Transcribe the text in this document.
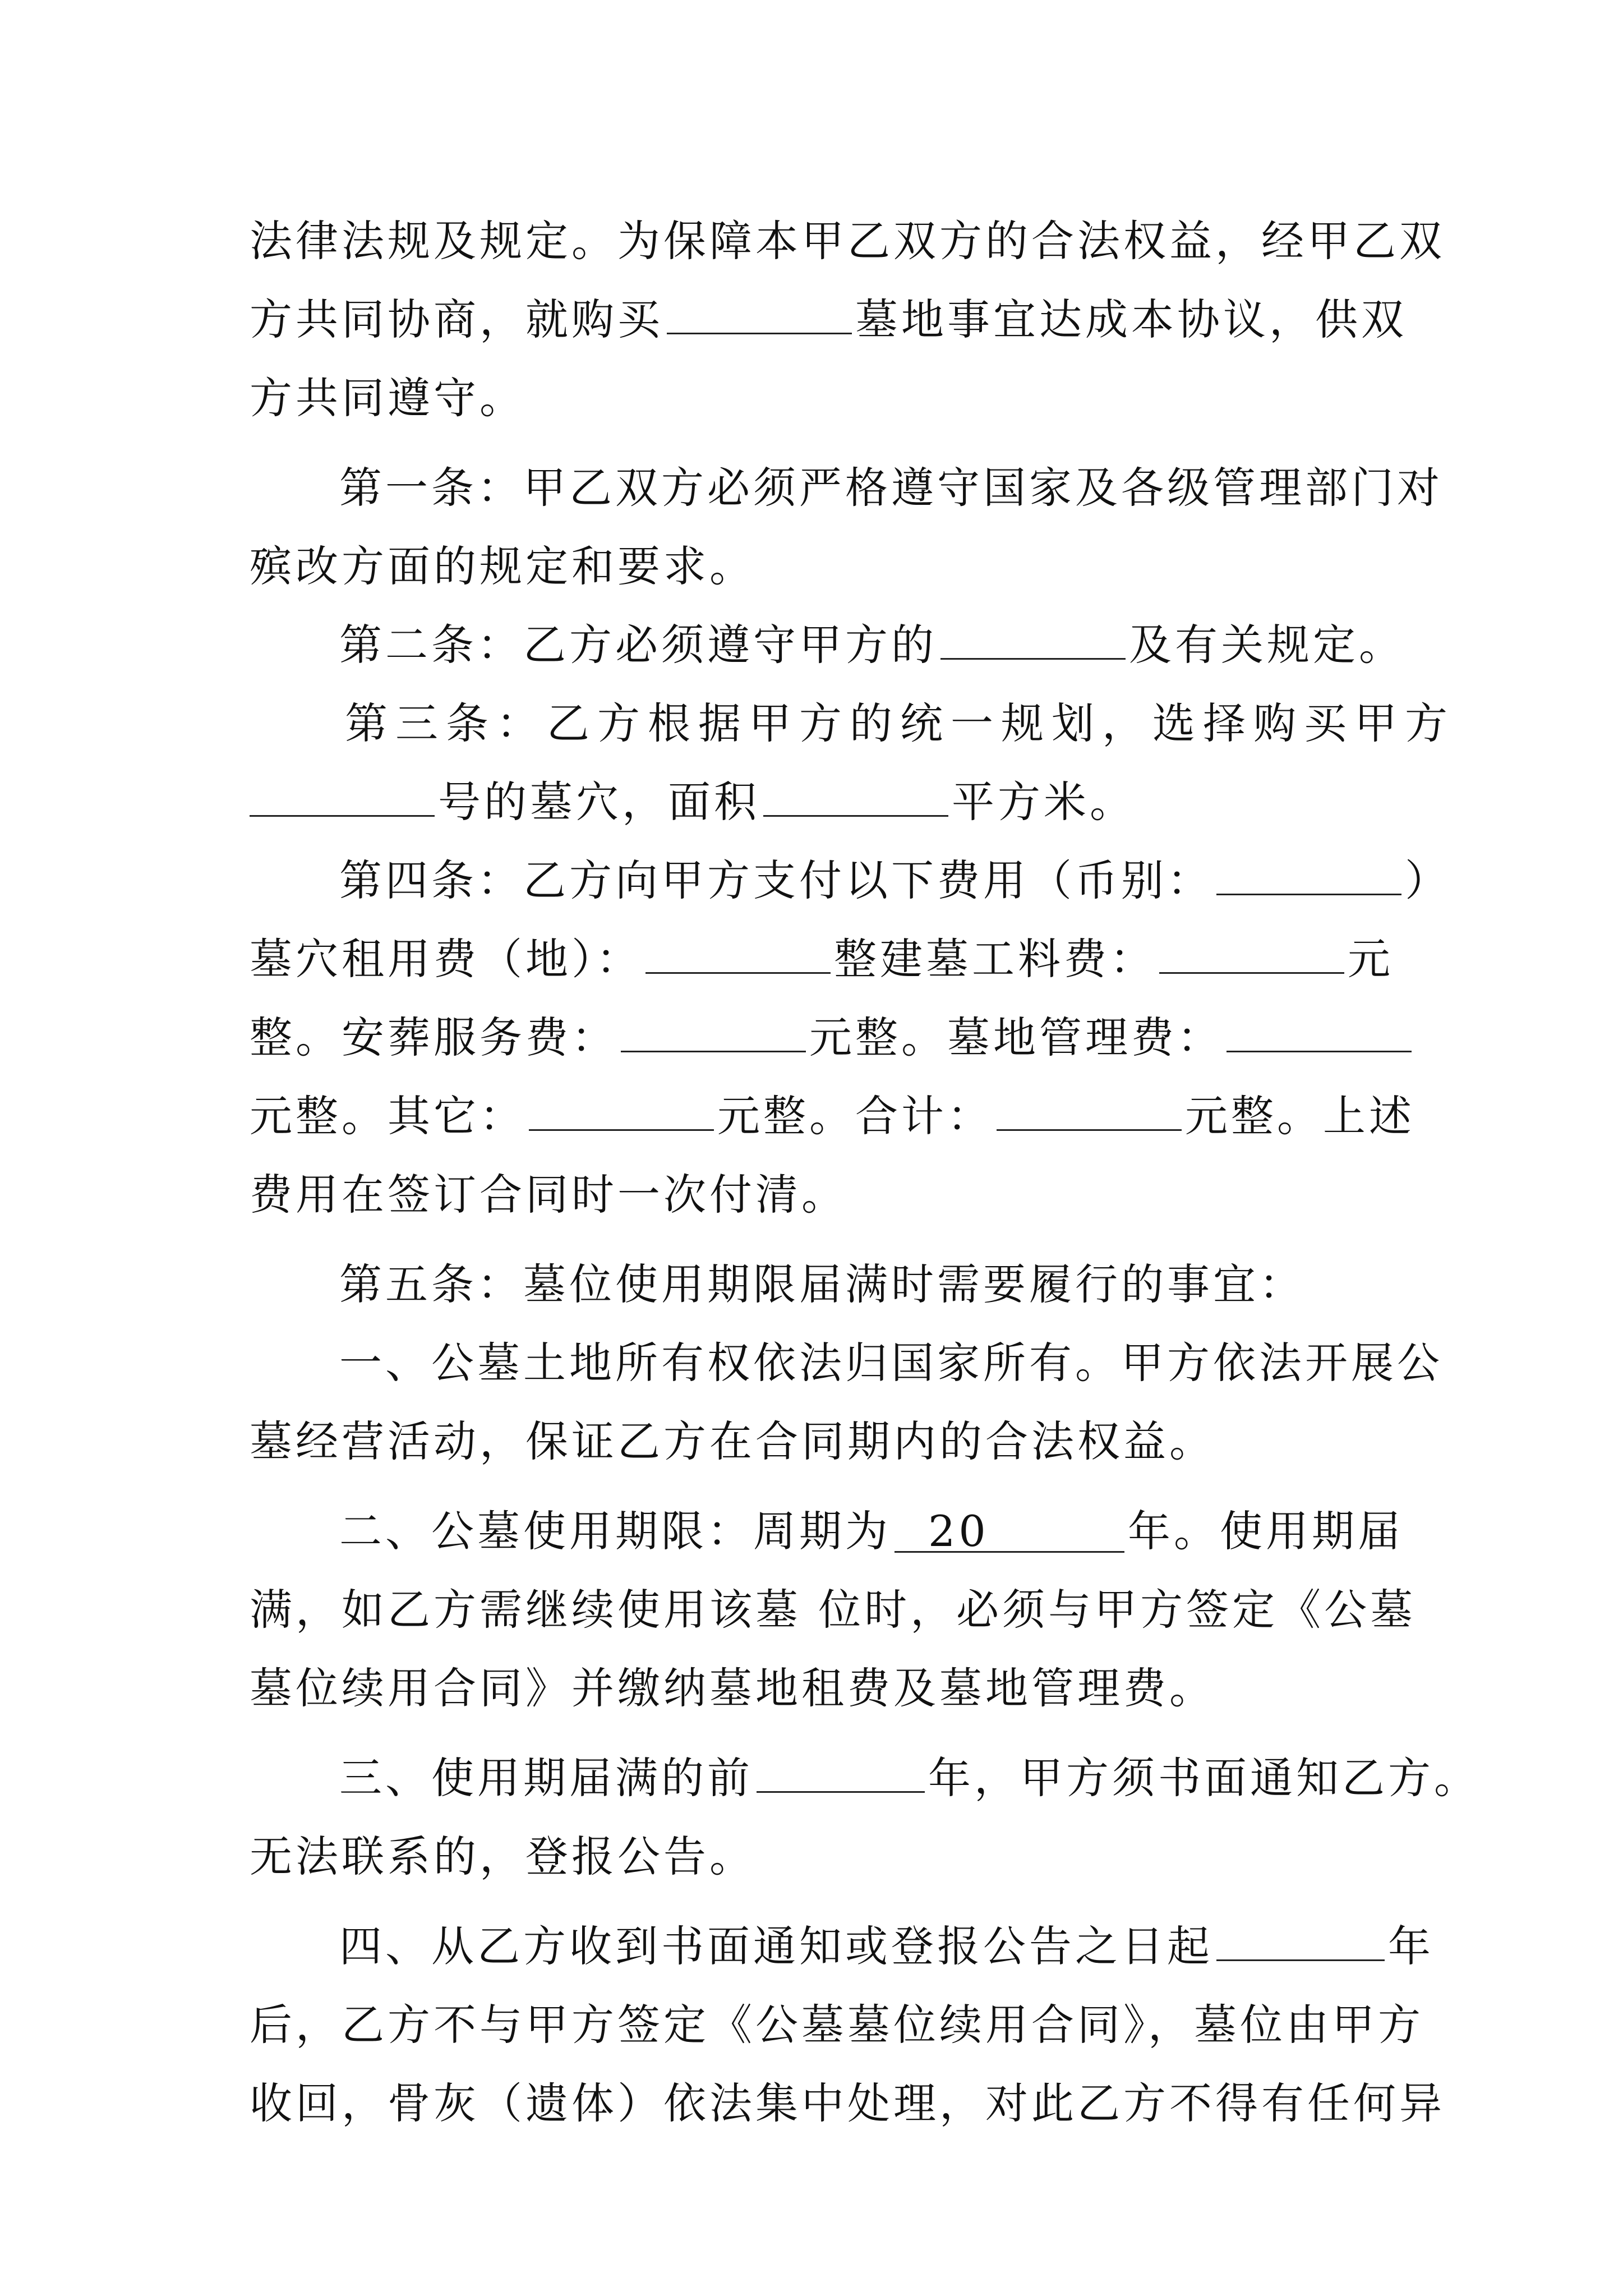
法律法规及规定。为保障本甲乙双方的合法权益，经甲乙双
方共同协商，就购买	墓地事宜达成本协议，供双
方共同遵守。
第一条：甲乙双方必须严格遵守国家及各级管理部门对
殡改方面的规定和要求。
第二条：乙方必须遵守甲方的	及有关规定。
第三条：乙方根据甲方的统一规划，选择购买甲方
号的墓穴，面积	平方米。
第四条：乙方向甲方支付以下费用（币别：	）
墓穴租用费（地）：	整建墓工料费：	元
整。安葬服务费：	元整。墓地管理费：
元整。其它：	元整。合计：	元整。上述
费用在签订合同时一次付清。
第五条：墓位使用期限届满时需要履行的事宜：
一、公墓土地所有权依法归国家所有。甲方依法开展公
墓经营活动，保证乙方在合同期内的合法权益。
二、公墓使用期限：周期为 20	年。使用期届
满，如乙方需继续使用该墓 位时，必须与甲方签定《公墓
墓位续用合同》并缴纳墓地租费及墓地管理费。
三、使用期届满的前	年，甲方须书面通知乙方。
无法联系的，登报公告。
四、从乙方收到书面通知或登报公告之日起	年
后，乙方不与甲方签定《公墓墓位续用合同》，墓位由甲方
收回，骨灰（遗体）依法集中处理，对此乙方不得有任何异
